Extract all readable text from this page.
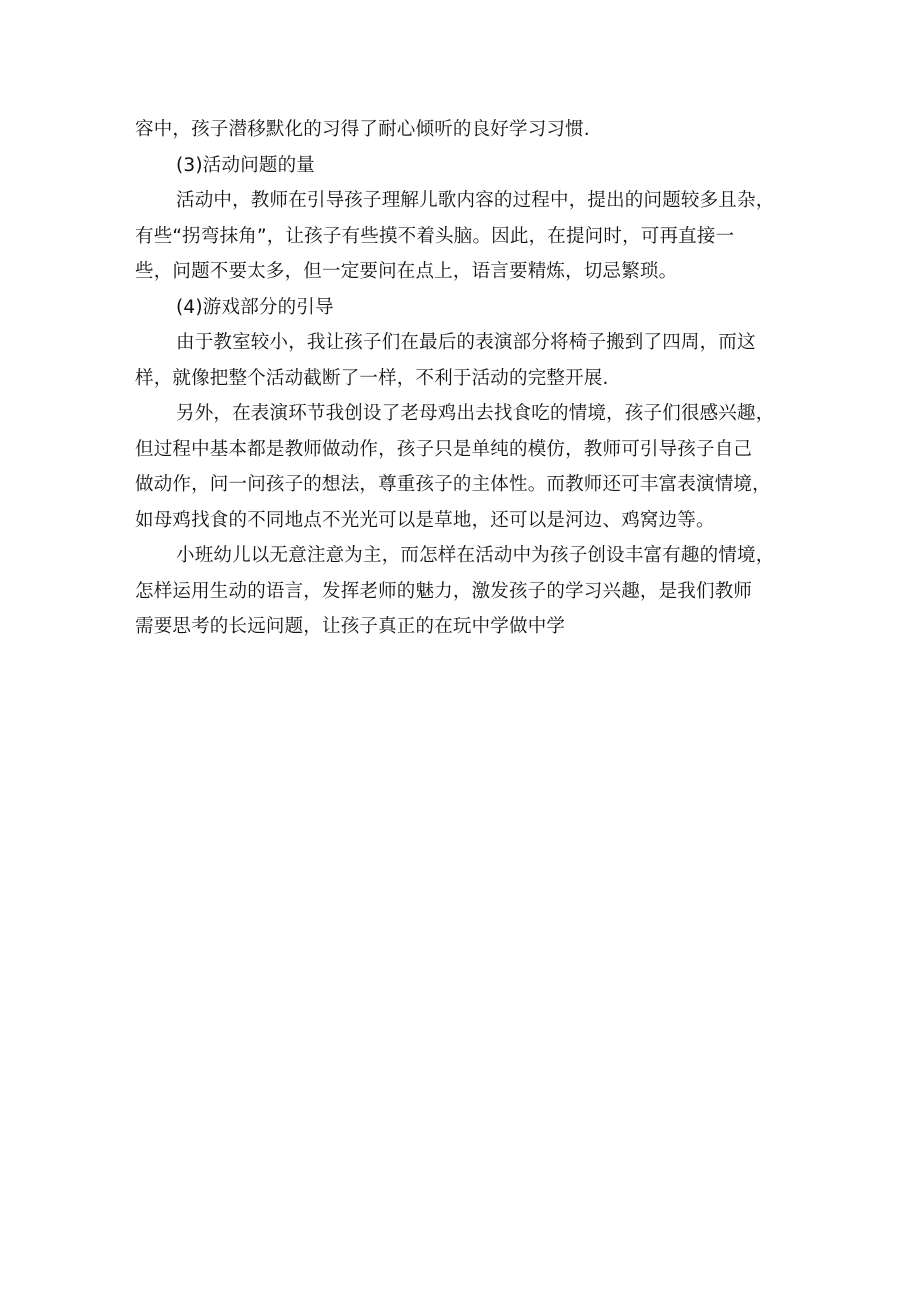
容中，孩子潜移默化的习得了耐心倾听的良好学习习惯.
(3)活动问题的量
活动中，教师在引导孩子理解儿歌内容的过程中，提出的问题较多且杂，
有些“拐弯抹角”，让孩子有些摸不着头脑。因此，在提问时，可再直接一
些，问题不要太多，但一定要问在点上，语言要精炼，切忌繁琐。
(4)游戏部分的引导
由于教室较小，我让孩子们在最后的表演部分将椅子搬到了四周，而这
样，就像把整个活动截断了一样，不利于活动的完整开展.
另外，在表演环节我创设了老母鸡出去找食吃的情境，孩子们很感兴趣，
但过程中基本都是教师做动作，孩子只是单纯的模仿，教师可引导孩子自己
做动作，问一问孩子的想法，尊重孩子的主体性。而教师还可丰富表演情境，
如母鸡找食的不同地点不光光可以是草地，还可以是河边、鸡窝边等。
小班幼儿以无意注意为主，而怎样在活动中为孩子创设丰富有趣的情境，
怎样运用生动的语言，发挥老师的魅力，激发孩子的学习兴趣，是我们教师
需要思考的长远问题，让孩子真正的在玩中学做中学
